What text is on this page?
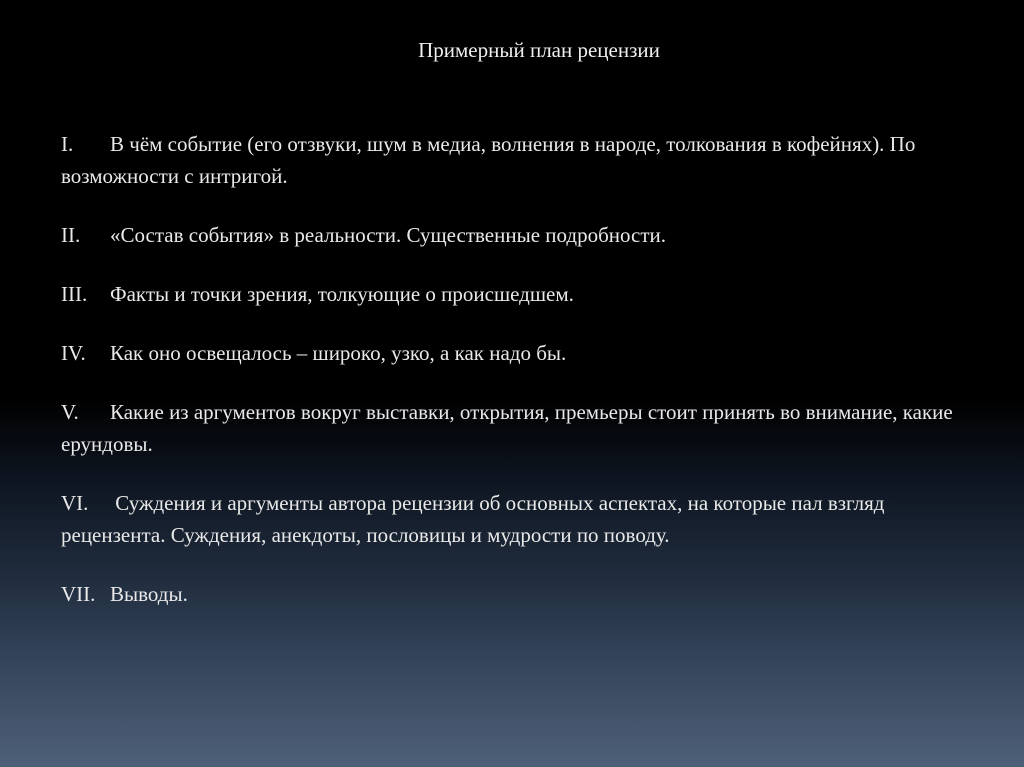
Примерный план рецензии
I. В чём событие (его отзвуки, шум в медиа, волнения в народе, толкования в кофейнях). По возможности с интригой.
II. «Состав события» в реальности. Существенные подробности.
III. Факты и точки зрения, толкующие о происшедшем.
IV. Как оно освещалось – широко, узко, а как надо бы.
V. Какие из аргументов вокруг выставки, открытия, премьеры стоит принять во внимание, какие ерундовы.
VI. Суждения и аргументы автора рецензии об основных аспектах, на которые пал взгляд рецензента. Суждения, анекдоты, пословицы и мудрости по поводу.
VII. Выводы.
